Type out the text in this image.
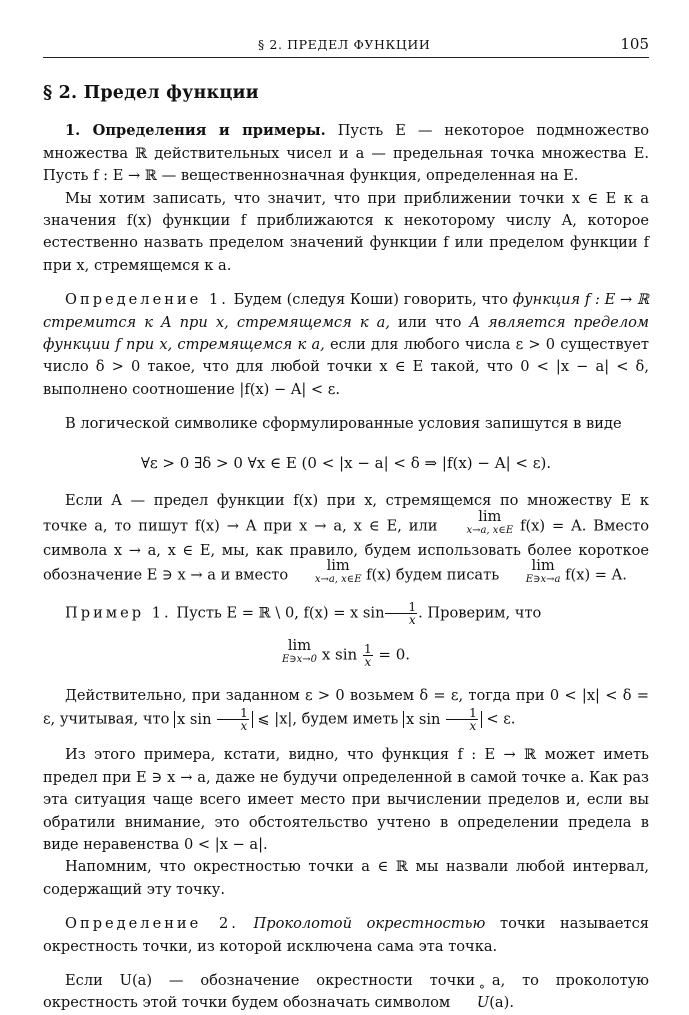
§ 2. ПРЕДЕЛ ФУНКЦИИ	105

§ 2. Предел функции

1. Определения и примеры. Пусть E — некоторое подмножество множества ℝ действительных чисел и a — предельная точка множества E. Пусть f : E → ℝ — вещественнозначная функция, определенная на E.

Мы хотим записать, что значит, что при приближении точки x ∈ E к a значения f(x) функции f приближаются к некоторому числу A, которое естественно назвать пределом значений функции f или пределом функции f при x, стремящемся к a.

Определение 1. Будем (следуя Коши) говорить, что функция f : E → ℝ стремится к A при x, стремящемся к a, или что A является пределом функции f при x, стремящемся к a, если для любого числа ε > 0 существует число δ > 0 такое, что для любой точки x ∈ E такой, что 0 < |x − a| < δ, выполнено соотношение |f(x) − A| < ε.

В логической символике сформулированные условия запишутся в виде

∀ε > 0 ∃δ > 0 ∀x ∈ E (0 < |x − a| < δ ⇒ |f(x) − A| < ε).

Если A — предел функции f(x) при x, стремящемся по множеству E к точке a, то пишут f(x) → A при x → a, x ∈ E, или
lim
x→a, x∈E f(x) = A. Вместо символа x → a, x ∈ E, мы, как правило, будем использовать более короткое обозначение E ∋ x → a и вместо
lim
x→a, x∈E f(x) будем писать
lim
E∋x→a f(x) = A.

Пример 1. Пусть E = ℝ \ 0, f(x) = x $\sin \frac{1}{x}$ . Проверим, что

lim
E∋x→0 x $\sin \frac{1}{x} = 0$.

Действительно, при заданном ε > 0 возьмем δ = ε, тогда при 0 < |x| < δ = ε, учитывая, что x $\sin \frac{1}{x}$ ⩽ |x|, будем иметь x $\sin \frac{1}{x} < \varepsilon$.

Из этого примера, кстати, видно, что функция f : E → ℝ может иметь предел при E ∋ x → a, даже не будучи определенной в самой точке a. Как раз эта ситуация чаще всего имеет место при вычислении пределов и, если вы обратили внимание, это обстоятельство учтено в определении предела в виде неравенства 0 < |x − a|.

Напомним, что окрестностью точки a ∈ ℝ мы назвали любой интервал, содержащий эту точку.

Определение 2. Проколотой окрестностью точки называется окрестность точки, из которой исключена сама эта точка.

Если U(a) — обозначение окрестности точки a, то проколотую окрестность этой точки будем обозначать символом ° U(a).
